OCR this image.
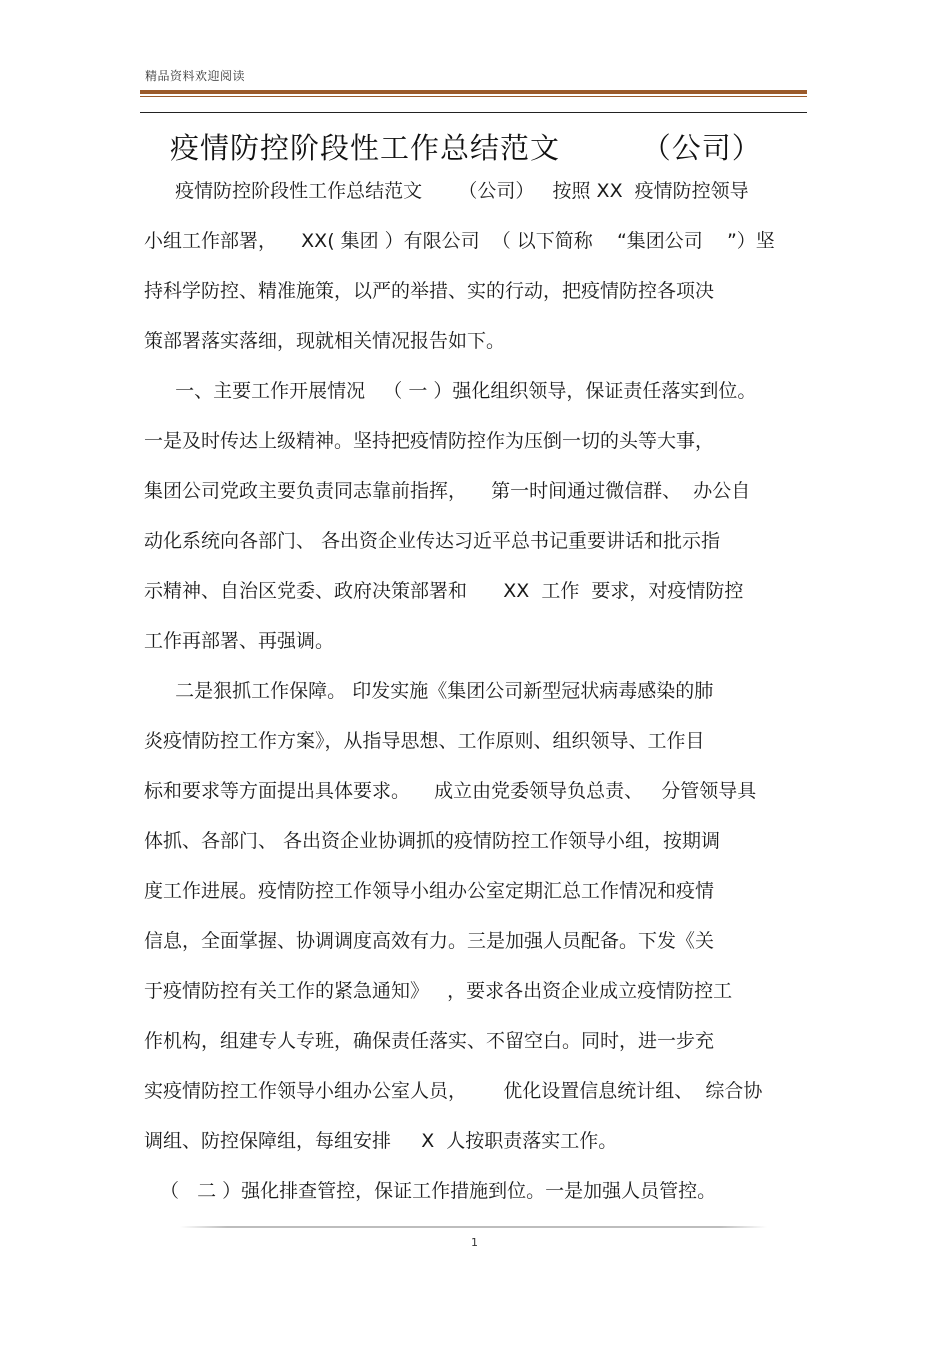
精品资料欢迎阅读
疫情防控阶段性工作总结范文        （公司）
疫情防控阶段性工作总结范文      （公司）   按照 XX  疫情防控领导
小组工作部署，    XX( 集团 ）有限公司  （ 以下简称    “集团公司    ”）坚
持科学防控、精准施策，以严的举措、实的行动，把疫情防控各项决
策部署落实落细，现就相关情况报告如下。
一、主要工作开展情况   （ 一 ）强化组织领导，保证责任落实到位。
一是及时传达上级精神。坚持把疫情防控作为压倒一切的头等大事，
集团公司党政主要负责同志靠前指挥，    第一时间通过微信群、  办公自
动化系统向各部门、 各出资企业传达习近平总书记重要讲话和批示指
示精神、自治区党委、政府决策部署和      XX  工作  要求，对疫情防控
工作再部署、再强调。
二是狠抓工作保障。 印发实施《集团公司新型冠状病毒感染的肺
炎疫情防控工作方案》，从指导思想、工作原则、组织领导、工作目
标和要求等方面提出具体要求。    成立由党委领导负总责、   分管领导具
体抓、各部门、 各出资企业协调抓的疫情防控工作领导小组，按期调
度工作进展。疫情防控工作领导小组办公室定期汇总工作情况和疫情
信息，全面掌握、协调调度高效有力。三是加强人员配备。下发《关
于疫情防控有关工作的紧急通知》   ，要求各出资企业成立疫情防控工
作机构，组建专人专班，确保责任落实、不留空白。同时，进一步充
实疫情防控工作领导小组办公室人员，      优化设置信息统计组、  综合协
调组、防控保障组，每组安排     X  人按职责落实工作。
（   二 ）强化排查管控，保证工作措施到位。一是加强人员管控。
1
